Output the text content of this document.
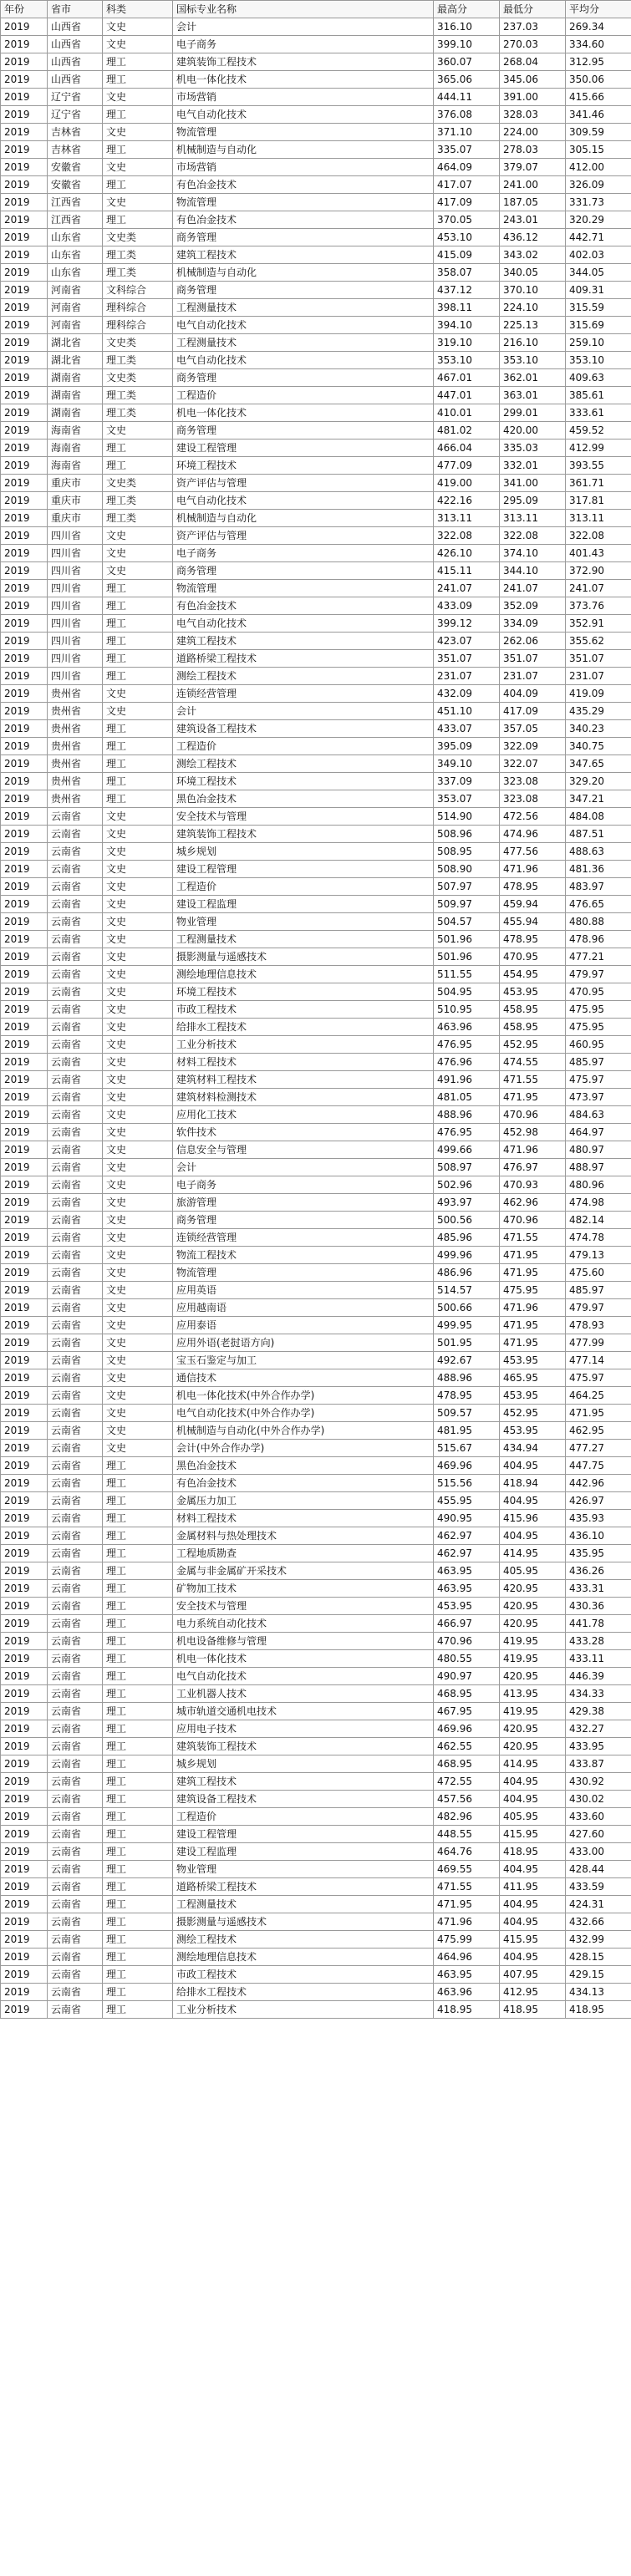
年份	省市	科类	国标专业名称	最高分	最低分	平均分
2019	山西省	文史	会计	316.10	237.03	269.34
2019	山西省	文史	电子商务	399.10	270.03	334.60
2019	山西省	理工	建筑装饰工程技术	360.07	268.04	312.95
2019	山西省	理工	机电一体化技术	365.06	345.06	350.06
2019	辽宁省	文史	市场营销	444.11	391.00	415.66
2019	辽宁省	理工	电气自动化技术	376.08	328.03	341.46
2019	吉林省	文史	物流管理	371.10	224.00	309.59
2019	吉林省	理工	机械制造与自动化	335.07	278.03	305.15
2019	安徽省	文史	市场营销	464.09	379.07	412.00
2019	安徽省	理工	有色冶金技术	417.07	241.00	326.09
2019	江西省	文史	物流管理	417.09	187.05	331.73
2019	江西省	理工	有色冶金技术	370.05	243.01	320.29
2019	山东省	文史类	商务管理	453.10	436.12	442.71
2019	山东省	理工类	建筑工程技术	415.09	343.02	402.03
2019	山东省	理工类	机械制造与自动化	358.07	340.05	344.05
2019	河南省	文科综合	商务管理	437.12	370.10	409.31
2019	河南省	理科综合	工程测量技术	398.11	224.10	315.59
2019	河南省	理科综合	电气自动化技术	394.10	225.13	315.69
2019	湖北省	文史类	工程测量技术	319.10	216.10	259.10
2019	湖北省	理工类	电气自动化技术	353.10	353.10	353.10
2019	湖南省	文史类	商务管理	467.01	362.01	409.63
2019	湖南省	理工类	工程造价	447.01	363.01	385.61
2019	湖南省	理工类	机电一体化技术	410.01	299.01	333.61
2019	海南省	文史	商务管理	481.02	420.00	459.52
2019	海南省	理工	建设工程管理	466.04	335.03	412.99
2019	海南省	理工	环境工程技术	477.09	332.01	393.55
2019	重庆市	文史类	资产评估与管理	419.00	341.00	361.71
2019	重庆市	理工类	电气自动化技术	422.16	295.09	317.81
2019	重庆市	理工类	机械制造与自动化	313.11	313.11	313.11
2019	四川省	文史	资产评估与管理	322.08	322.08	322.08
2019	四川省	文史	电子商务	426.10	374.10	401.43
2019	四川省	文史	商务管理	415.11	344.10	372.90
2019	四川省	理工	物流管理	241.07	241.07	241.07
2019	四川省	理工	有色冶金技术	433.09	352.09	373.76
2019	四川省	理工	电气自动化技术	399.12	334.09	352.91
2019	四川省	理工	建筑工程技术	423.07	262.06	355.62
2019	四川省	理工	道路桥梁工程技术	351.07	351.07	351.07
2019	四川省	理工	测绘工程技术	231.07	231.07	231.07
2019	贵州省	文史	连锁经营管理	432.09	404.09	419.09
2019	贵州省	文史	会计	451.10	417.09	435.29
2019	贵州省	理工	建筑设备工程技术	433.07	357.05	340.23
2019	贵州省	理工	工程造价	395.09	322.09	340.75
2019	贵州省	理工	测绘工程技术	349.10	322.07	347.65
2019	贵州省	理工	环境工程技术	337.09	323.08	329.20
2019	贵州省	理工	黑色冶金技术	353.07	323.08	347.21
2019	云南省	文史	安全技术与管理	514.90	472.56	484.08
2019	云南省	文史	建筑装饰工程技术	508.96	474.96	487.51
2019	云南省	文史	城乡规划	508.95	477.56	488.63
2019	云南省	文史	建设工程管理	508.90	471.96	481.36
2019	云南省	文史	工程造价	507.97	478.95	483.97
2019	云南省	文史	建设工程监理	509.97	459.94	476.65
2019	云南省	文史	物业管理	504.57	455.94	480.88
2019	云南省	文史	工程测量技术	501.96	478.95	478.96
2019	云南省	文史	摄影测量与遥感技术	501.96	470.95	477.21
2019	云南省	文史	测绘地理信息技术	511.55	454.95	479.97
2019	云南省	文史	环境工程技术	504.95	453.95	470.95
2019	云南省	文史	市政工程技术	510.95	458.95	475.95
2019	云南省	文史	给排水工程技术	463.96	458.95	475.95
2019	云南省	文史	工业分析技术	476.95	452.95	460.95
2019	云南省	文史	材料工程技术	476.96	474.55	485.97
2019	云南省	文史	建筑材料工程技术	491.96	471.55	475.97
2019	云南省	文史	建筑材料检测技术	481.05	471.95	473.97
2019	云南省	文史	应用化工技术	488.96	470.96	484.63
2019	云南省	文史	软件技术	476.95	452.98	464.97
2019	云南省	文史	信息安全与管理	499.66	471.96	480.97
2019	云南省	文史	会计	508.97	476.97	488.97
2019	云南省	文史	电子商务	502.96	470.93	480.96
2019	云南省	文史	旅游管理	493.97	462.96	474.98
2019	云南省	文史	商务管理	500.56	470.96	482.14
2019	云南省	文史	连锁经营管理	485.96	471.55	474.78
2019	云南省	文史	物流工程技术	499.96	471.95	479.13
2019	云南省	文史	物流管理	486.96	471.95	475.60
2019	云南省	文史	应用英语	514.57	475.95	485.97
2019	云南省	文史	应用越南语	500.66	471.96	479.97
2019	云南省	文史	应用泰语	499.95	471.95	478.93
2019	云南省	文史	应用外语(老挝语方向)	501.95	471.95	477.99
2019	云南省	文史	宝玉石鉴定与加工	492.67	453.95	477.14
2019	云南省	文史	通信技术	488.96	465.95	475.97
2019	云南省	文史	机电一体化技术(中外合作办学)	478.95	453.95	464.25
2019	云南省	文史	电气自动化技术(中外合作办学)	509.57	452.95	471.95
2019	云南省	文史	机械制造与自动化(中外合作办学)	481.95	453.95	462.95
2019	云南省	文史	会计(中外合作办学)	515.67	434.94	477.27
2019	云南省	理工	黑色冶金技术	469.96	404.95	447.75
2019	云南省	理工	有色冶金技术	515.56	418.94	442.96
2019	云南省	理工	金属压力加工	455.95	404.95	426.97
2019	云南省	理工	材料工程技术	490.95	415.96	435.93
2019	云南省	理工	金属材料与热处理技术	462.97	404.95	436.10
2019	云南省	理工	工程地质勘查	462.97	414.95	435.95
2019	云南省	理工	金属与非金属矿开采技术	463.95	405.95	436.26
2019	云南省	理工	矿物加工技术	463.95	420.95	433.31
2019	云南省	理工	安全技术与管理	453.95	420.95	430.36
2019	云南省	理工	电力系统自动化技术	466.97	420.95	441.78
2019	云南省	理工	机电设备维修与管理	470.96	419.95	433.28
2019	云南省	理工	机电一体化技术	480.55	419.95	433.11
2019	云南省	理工	电气自动化技术	490.97	420.95	446.39
2019	云南省	理工	工业机器人技术	468.95	413.95	434.33
2019	云南省	理工	城市轨道交通机电技术	467.95	419.95	429.38
2019	云南省	理工	应用电子技术	469.96	420.95	432.27
2019	云南省	理工	建筑装饰工程技术	462.55	420.95	433.95
2019	云南省	理工	城乡规划	468.95	414.95	433.87
2019	云南省	理工	建筑工程技术	472.55	404.95	430.92
2019	云南省	理工	建筑设备工程技术	457.56	404.95	430.02
2019	云南省	理工	工程造价	482.96	405.95	433.60
2019	云南省	理工	建设工程管理	448.55	415.95	427.60
2019	云南省	理工	建设工程监理	464.76	418.95	433.00
2019	云南省	理工	物业管理	469.55	404.95	428.44
2019	云南省	理工	道路桥梁工程技术	471.55	411.95	433.59
2019	云南省	理工	工程测量技术	471.95	404.95	424.31
2019	云南省	理工	摄影测量与遥感技术	471.96	404.95	432.66
2019	云南省	理工	测绘工程技术	475.99	415.95	432.99
2019	云南省	理工	测绘地理信息技术	464.96	404.95	428.15
2019	云南省	理工	市政工程技术	463.95	407.95	429.15
2019	云南省	理工	给排水工程技术	463.96	412.95	434.13
2019	云南省	理工	工业分析技术	418.95	418.95	418.95
